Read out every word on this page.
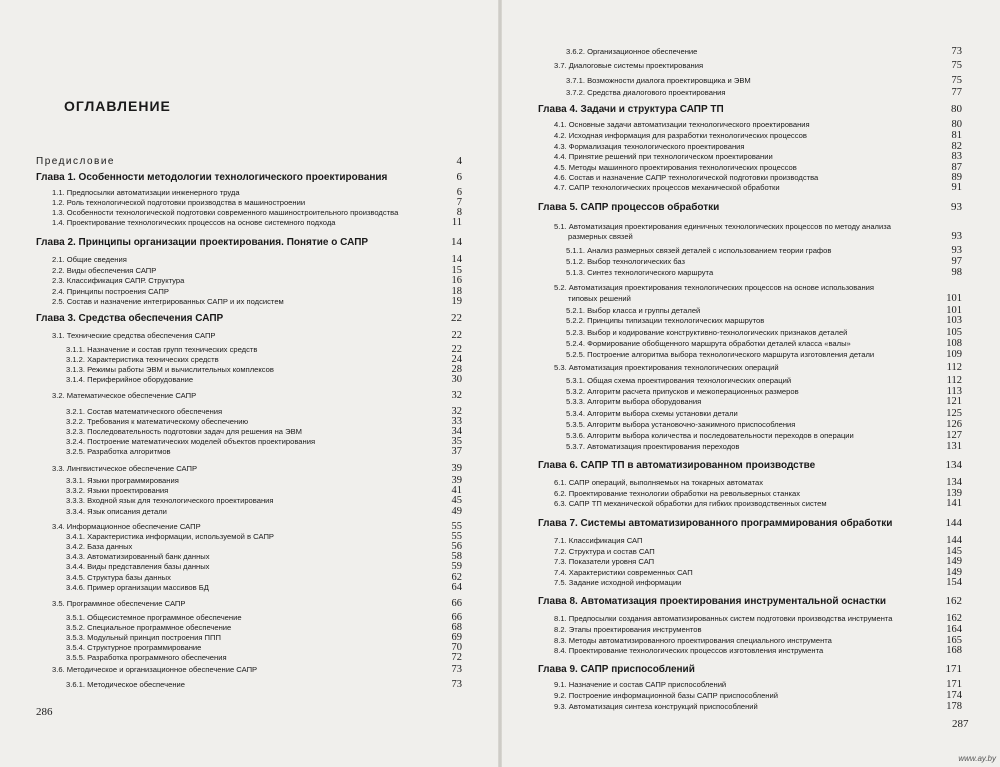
ОГЛАВЛЕНИЕ
Предисловие	4
Глава 1. Особенности методологии технологического проектирования	6
1.1. Предпосылки автоматизации инженерного труда	6
1.2. Роль технологической подготовки производства в машиностроении	7
1.3. Особенности технологической подготовки современного машиностроительного производства	8
1.4. Проектирование технологических процессов на основе системного подхода	11
Глава 2. Принципы организации проектирования. Понятие о САПР	14
2.1. Общие сведения	14
2.2. Виды обеспечения САПР	15
2.3. Классификация САПР. Структура	16
2.4. Принципы построения САПР	18
2.5. Состав и назначение интегрированных САПР и их подсистем	19
Глава 3. Средства обеспечения САПР	22
3.1. Технические средства обеспечения САПР	22
3.1.1. Назначение и состав групп технических средств	22
3.1.2. Характеристика технических средств	24
3.1.3. Режимы работы ЭВМ и вычислительных комплексов	28
3.1.4. Периферийное оборудование	30
3.2. Математическое обеспечение САПР	32
3.2.1. Состав математического обеспечения	32
3.2.2. Требования к математическому обеспечению	33
3.2.3. Последовательность подготовки задач для решения на ЭВМ	34
3.2.4. Построение математических моделей объектов проектирования	35
3.2.5. Разработка алгоритмов	37
3.3. Лингвистическое обеспечение САПР	39
3.3.1. Языки программирования	39
3.3.2. Языки проектирования	41
3.3.3. Входной язык для технологического проектирования	45
3.3.4. Язык описания детали	49
3.4. Информационное обеспечение САПР	55
3.4.1. Характеристика информации, используемой в САПР	55
3.4.2. База данных	56
3.4.3. Автоматизированный банк данных	58
3.4.4. Виды представления базы данных	59
3.4.5. Структура базы данных	62
3.4.6. Пример организации массивов БД	64
3.5. Программное обеспечение САПР	66
3.5.1. Общесистемное программное обеспечение	66
3.5.2. Специальное программное обеспечение	68
3.5.3. Модульный принцип построения ППП	69
3.5.4. Структурное программирование	70
3.5.5. Разработка программного обеспечения	72
3.6. Методическое и организационное обеспечение САПР	73
3.6.1. Методическое обеспечение	73
286
3.6.2. Организационное обеспечение	73
3.7. Диалоговые системы проектирования	75
3.7.1. Возможности диалога проектировщика и ЭВМ	75
3.7.2. Средства диалогового проектирования	77
Глава 4. Задачи и структура САПР ТП	80
4.1. Основные задачи автоматизации технологического проектирования	80
4.2. Исходная информация для разработки технологических процессов	81
4.3. Формализация технологического проектирования	82
4.4. Принятие решений при технологическом проектировании	83
4.5. Методы машинного проектирования технологических процессов	87
4.6. Состав и назначение САПР технологической подготовки производства	89
4.7. САПР технологических процессов механической обработки	91
Глава 5. САПР процессов обработки	93
5.1. Автоматизация проектирования единичных технологических процессов по методу анализа
размерных связей	93
5.1.1. Анализ размерных связей деталей с использованием теории графов	93
5.1.2. Выбор технологических баз	97
5.1.3. Синтез технологического маршрута	98
5.2. Автоматизация проектирования технологических процессов на основе использования
типовых решений	101
5.2.1. Выбор класса и группы деталей	101
5.2.2. Принципы типизации технологических маршрутов	103
5.2.3. Выбор и кодирование конструктивно-технологических признаков деталей	105
5.2.4. Формирование обобщенного маршрута обработки деталей класса «валы»	108
5.2.5. Построение алгоритма выбора технологического маршрута изготовления детали	109
5.3. Автоматизация проектирования технологических операций	112
5.3.1. Общая схема проектирования технологических операций	112
5.3.2. Алгоритм расчета припусков и межоперационных размеров	113
5.3.3. Алгоритм выбора оборудования	121
5.3.4. Алгоритм выбора схемы установки детали	125
5.3.5. Алгоритм выбора установочно-зажимного приспособления	126
5.3.6. Алгоритм выбора количества и последовательности переходов в операции	127
5.3.7. Автоматизация проектирования переходов	131
Глава 6. САПР ТП в автоматизированном производстве	134
6.1. САПР операций, выполняемых на токарных автоматах	134
6.2. Проектирование технологии обработки на револьверных станках	139
6.3. САПР ТП механической обработки для гибких производственных систем	141
Глава 7. Системы автоматизированного программирования обработки	144
7.1. Классификация САП	144
7.2. Структура и состав САП	145
7.3. Показатели уровня САП	149
7.4. Характеристики современных САП	149
7.5. Задание исходной информации	154
Глава 8. Автоматизация проектирования инструментальной оснастки	162
8.1. Предпосылки создания автоматизированных систем подготовки производства инструмента	162
8.2. Этапы проектирования инструментов	164
8.3. Методы автоматизированного проектирования специального инструмента	165
8.4. Проектирование технологических процессов изготовления инструмента	168
Глава 9. САПР приспособлений	171
9.1. Назначение и состав САПР приспособлений	171
9.2. Построение информационной базы САПР приспособлений	174
9.3. Автоматизация синтеза конструкций приспособлений	178
287
www.ay.by
